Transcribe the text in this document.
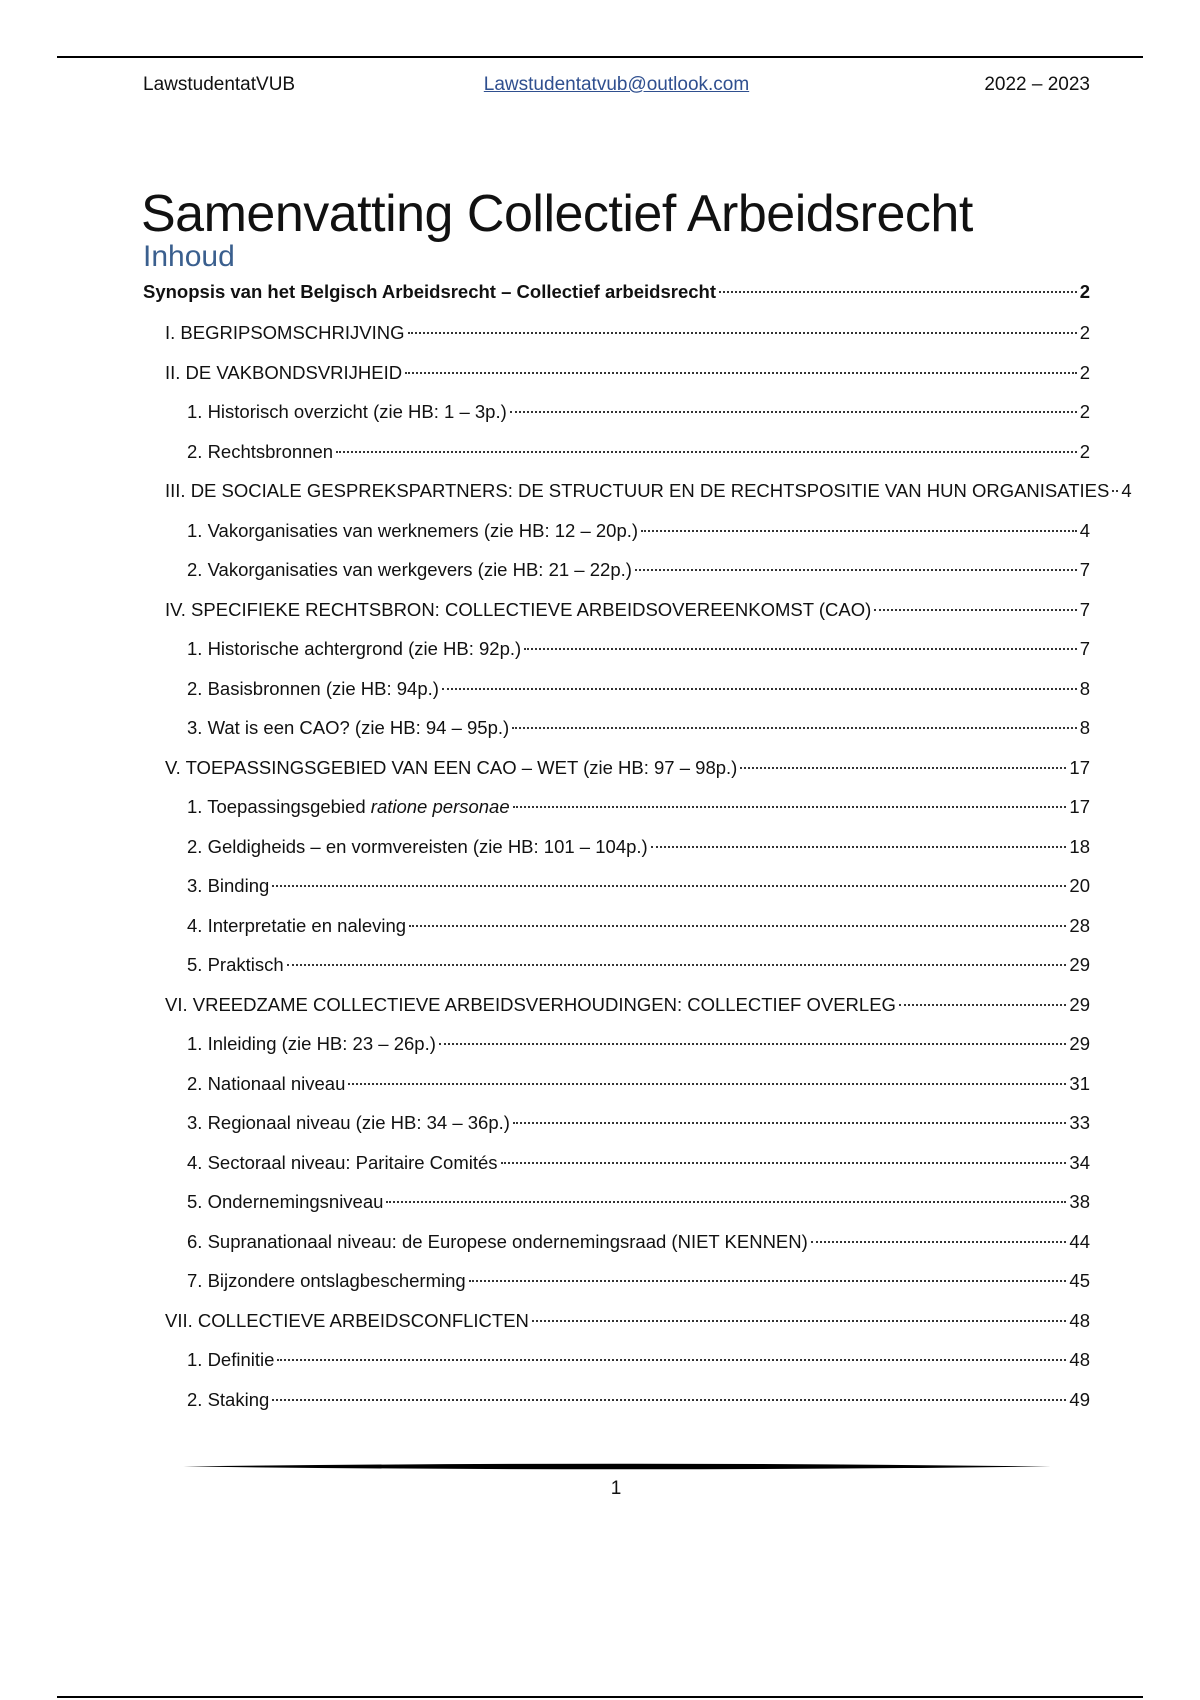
LawstudentatVUB	Lawstudentatvub@outlook.com	2022 – 2023
Samenvatting Collectief Arbeidsrecht
Inhoud
Synopsis van het Belgisch Arbeidsrecht – Collectief arbeidsrecht	2
I. BEGRIPSOMSCHRIJVING	2
II. DE VAKBONDSVRIJHEID	2
1. Historisch overzicht (zie HB: 1 – 3p.)	2
2. Rechtsbronnen	2
III. DE SOCIALE GESPREKSPARTNERS: DE STRUCTUUR EN DE RECHTSPOSITIE VAN HUN ORGANISATIES 4
1. Vakorganisaties van werknemers (zie HB: 12 – 20p.)	4
2. Vakorganisaties van werkgevers (zie HB: 21 – 22p.)	7
IV. SPECIFIEKE RECHTSBRON: COLLECTIEVE ARBEIDSOVEREENKOMST (CAO)	7
1. Historische achtergrond (zie HB: 92p.)	7
2. Basisbronnen (zie HB: 94p.)	8
3. Wat is een CAO? (zie HB: 94 – 95p.)	8
V. TOEPASSINGSGEBIED VAN EEN CAO – WET (zie HB: 97 – 98p.)	17
1. Toepassingsgebied ratione personae	17
2. Geldigheids – en vormvereisten (zie HB: 101 – 104p.)	18
3. Binding	20
4. Interpretatie en naleving	28
5. Praktisch	29
VI. VREEDZAME COLLECTIEVE ARBEIDSVERHOUDINGEN: COLLECTIEF OVERLEG	29
1. Inleiding (zie HB: 23 – 26p.)	29
2. Nationaal niveau	31
3. Regionaal niveau (zie HB: 34 – 36p.)	33
4. Sectoraal niveau: Paritaire Comités	34
5. Ondernemingsniveau	38
6. Supranationaal niveau: de Europese ondernemingsraad (NIET KENNEN)	44
7. Bijzondere ontslagbescherming	45
VII. COLLECTIEVE ARBEIDSCONFLICTEN	48
1. Definitie	48
2. Staking	49
1
